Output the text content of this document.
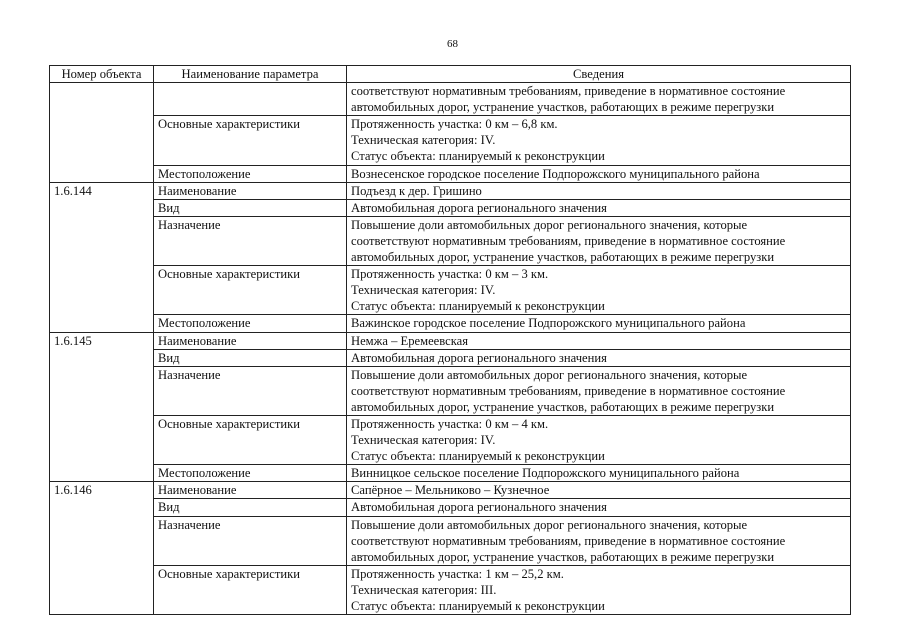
68
Номер объекта	Наименование параметра	Сведения

		соответствуют нормативным требованиям, приведение в нормативное состояние
автомобильных дорог, устранение участков, работающих в режиме перегрузки

	Основные характеристики	Протяженность участка: 0 км – 6,8 км.
Техническая категория: IV.
Статус объекта: планируемый к реконструкции

	Местоположение	Вознесенское городское поселение Подпорожского муниципального района

1.6.144	Наименование	Подъезд к дер. Гришино

	Вид	Автомобильная дорога регионального значения

	Назначение	Повышение доли автомобильных дорог регионального значения, которые
соответствуют нормативным требованиям, приведение в нормативное состояние
автомобильных дорог, устранение участков, работающих в режиме перегрузки

	Основные характеристики	Протяженность участка: 0 км – 3 км.
Техническая категория: IV.
Статус объекта: планируемый к реконструкции

	Местоположение	Важинское городское поселение Подпорожского муниципального района

1.6.145	Наименование	Немжа – Еремеевская

	Вид	Автомобильная дорога регионального значения

	Назначение	Повышение доли автомобильных дорог регионального значения, которые
соответствуют нормативным требованиям, приведение в нормативное состояние
автомобильных дорог, устранение участков, работающих в режиме перегрузки

	Основные характеристики	Протяженность участка: 0 км – 4 км.
Техническая категория: IV.
Статус объекта: планируемый к реконструкции

	Местоположение	Винницкое сельское поселение Подпорожского муниципального района

1.6.146	Наименование	Сапёрное – Мельниково – Кузнечное

	Вид	Автомобильная дорога регионального значения

	Назначение	Повышение доли автомобильных дорог регионального значения, которые
соответствуют нормативным требованиям, приведение в нормативное состояние
автомобильных дорог, устранение участков, работающих в режиме перегрузки

	Основные характеристики	Протяженность участка: 1 км – 25,2 км.
Техническая категория: III.
Статус объекта: планируемый к реконструкции
